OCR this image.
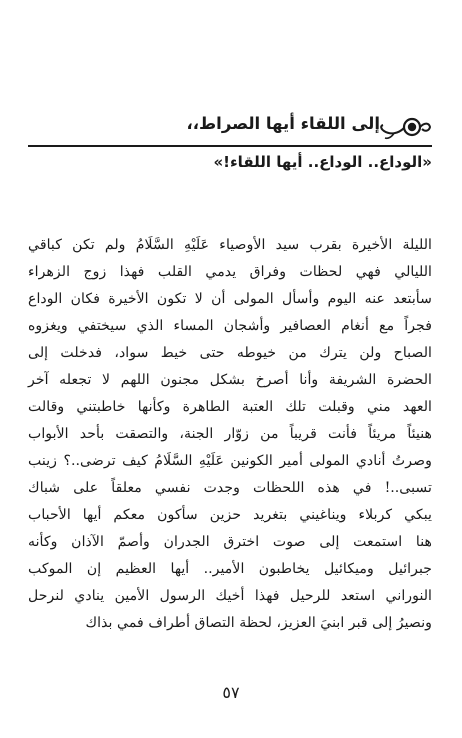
إلى اللقاء أيها الصراط،،
«الوداع.. الوداع.. أيها اللقاء!»
الليلة الأخيرة بقرب سيد الأوصياء عَلَيْهِ السَّلَامُ ولم تكن كباقي
الليالي فهي لحظات وفراق يدمي القلب فهذا زوج الزهراء
سأبتعد عنه اليوم وأسأل المولى أن لا تكون الأخيرة فكان الوداع
فجراً مع أنغام العصافير وأشجان المساء الذي سيختفي ويغزوه
الصباح ولن يترك من خيوطه حتى خيط سواد، فدخلت إلى
الحضرة الشريفة وأنا أصرخ بشكل مجنون اللهم لا تجعله آخر
العهد مني وقبلت تلك العتبة الطاهرة وكأنها خاطبتني وقالت
هنيئاً مريئاً فأنت قريباً من زوّار الجنة، والتصقت بأحد الأبواب
وصرتُ أنادي المولى أمير الكونين عَلَيْهِ السَّلَامُ كيف ترضى..؟ زينب
تسبى..! في هذه اللحظات وجدت نفسي معلقاً على شباك
يبكي كربلاء ويناغيني بتغريد حزين سأكون معكم أيها الأحباب
هنا استمعت إلى صوت اخترق الجدران وأصمّ الآذان وكأنه
جبرائيل وميكائيل يخاطبون الأمير.. أيها العظيم إن الموكب
النوراني استعد للرحيل فهذا أخيك الرسول الأمين ينادي لنرحل
ونصيرُ إلى قبر ابنيَ العزيز، لحظة التصاق أطراف فمي بذاك
٥٧
